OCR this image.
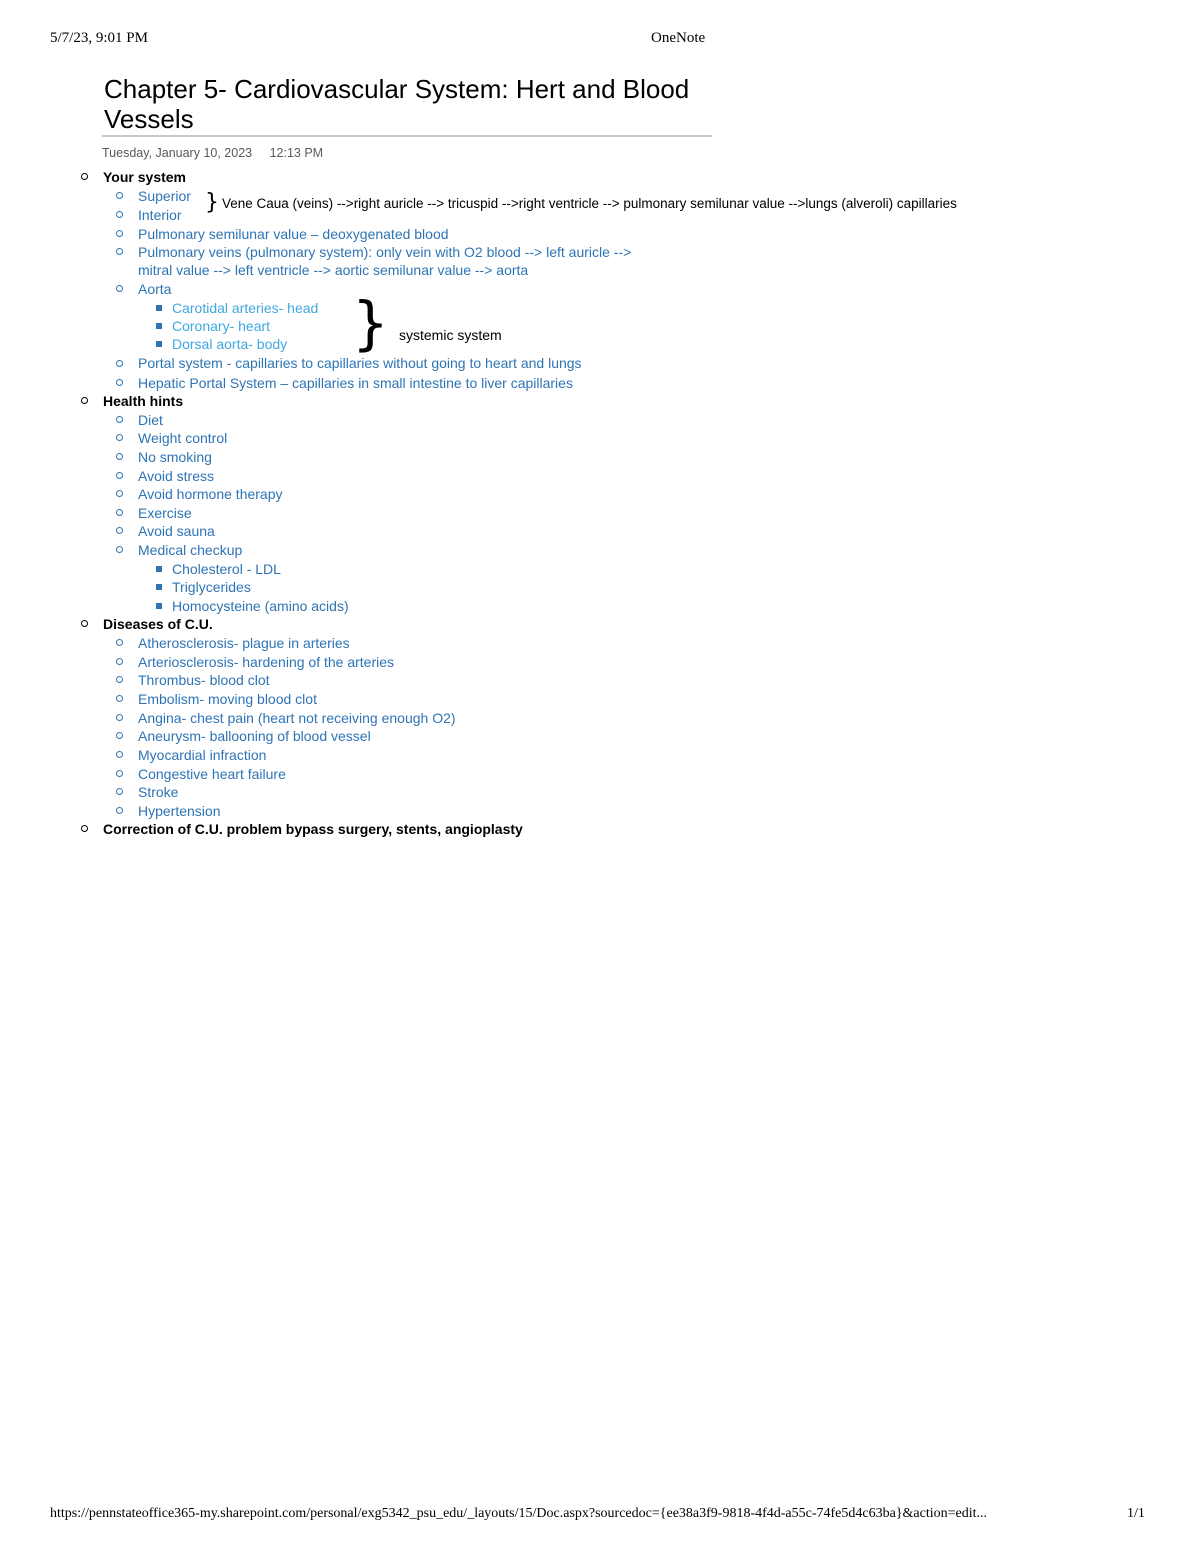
5/7/23, 9:01 PM	OneNote
Chapter 5- Cardiovascular System: Hert and Blood Vessels
Tuesday, January 10, 2023 12:13 PM
Your system
Superior
Interior } Vene Caua (veins) -->right auricle --> tricuspid -->right ventricle --> pulmonary semilunar value -->lungs (alveroli) capillaries
Pulmonary semilunar value – deoxygenated blood
Pulmonary veins (pulmonary system): only vein with O2 blood --> left auricle -->
mitral value --> left ventricle --> aortic semilunar value --> aorta
Aorta
Carotidal arteries- head
Coronary- heart
Dorsal aorta- body } systemic system
Portal system - capillaries to capillaries without going to heart and lungs
Hepatic Portal System – capillaries in small intestine to liver capillaries
Health hints
Diet
Weight control
No smoking
Avoid stress
Avoid hormone therapy
Exercise
Avoid sauna
Medical checkup
Cholesterol - LDL
Triglycerides
Homocysteine (amino acids)
Diseases of C.U.
Atherosclerosis- plague in arteries
Arteriosclerosis- hardening of the arteries
Thrombus- blood clot
Embolism- moving blood clot
Angina- chest pain (heart not receiving enough O2)
Aneurysm- ballooning of blood vessel
Myocardial infraction
Congestive heart failure
Stroke
Hypertension
Correction of C.U. problem bypass surgery, stents, angioplasty
https://pennstateoffice365-my.sharepoint.com/personal/exg5342_psu_edu/_layouts/15/Doc.aspx?sourcedoc={ee38a3f9-9818-4f4d-a55c-74fe5d4c63ba}&action=edit...	1/1
